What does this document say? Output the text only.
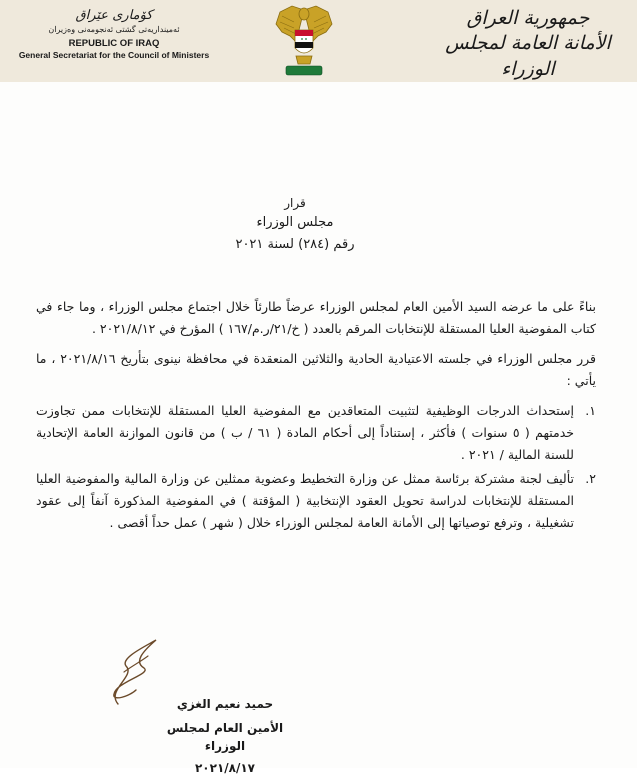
کۆماری عێراق
ئه‌مینداریه‌تی گشتی ئه‌نجومه‌نی وه‌زیران
REPUBLIC OF IRAQ
General Secretariat for the Council of Ministers
جمهورية العراق
الأمانة العامة لمجلس الوزراء
قرار
مجلس الوزراء
رقم (٢٨٤) لسنة ٢٠٢١

بناءً على ما عرضه السيد الأمين العام لمجلس الوزراء عرضاً طارئاً خلال اجتماع مجلس الوزراء ، وما جاء في كتاب المفوضية العليا المستقلة للإنتخابات المرقم بالعدد ( خ/٢١/ر.م/١٦٧ ) المؤرخ في ٢٠٢١/٨/١٢ .

قرر مجلس الوزراء في جلسته الاعتيادية الحادية والثلاثين المنعقدة في محافظة نينوى بتأريخ ٢٠٢١/٨/١٦ ، ما يأتي :

١.
إستحداث الدرجات الوظيفية لتثبيت المتعاقدين مع المفوضية العليا المستقلة للإنتخابات ممن تجاوزت خدمتهم ( ٥ سنوات ) فأكثر ، إستناداً إلى أحكام المادة ( ٦١ / ب ) من قانون الموازنة العامة الإتحادية للسنة المالية / ٢٠٢١ .
٢.
تأليف لجنة مشتركة برئاسة ممثل عن وزارة التخطيط وعضوية ممثلين عن وزارة المالية والمفوضية العليا المستقلة للإنتخابات لدراسة تحويل العقود الإنتخابية ( المؤقتة ) في المفوضية المذكورة آنفاً إلى عقود تشغيلية ، وترفع توصياتها إلى الأمانة العامة لمجلس الوزراء خلال ( شهر ) عمل حداً أقصى .
حميد نعيم الغزي
الأمين العام لمجلس الوزراء
٢٠٢١/٨/١٧
